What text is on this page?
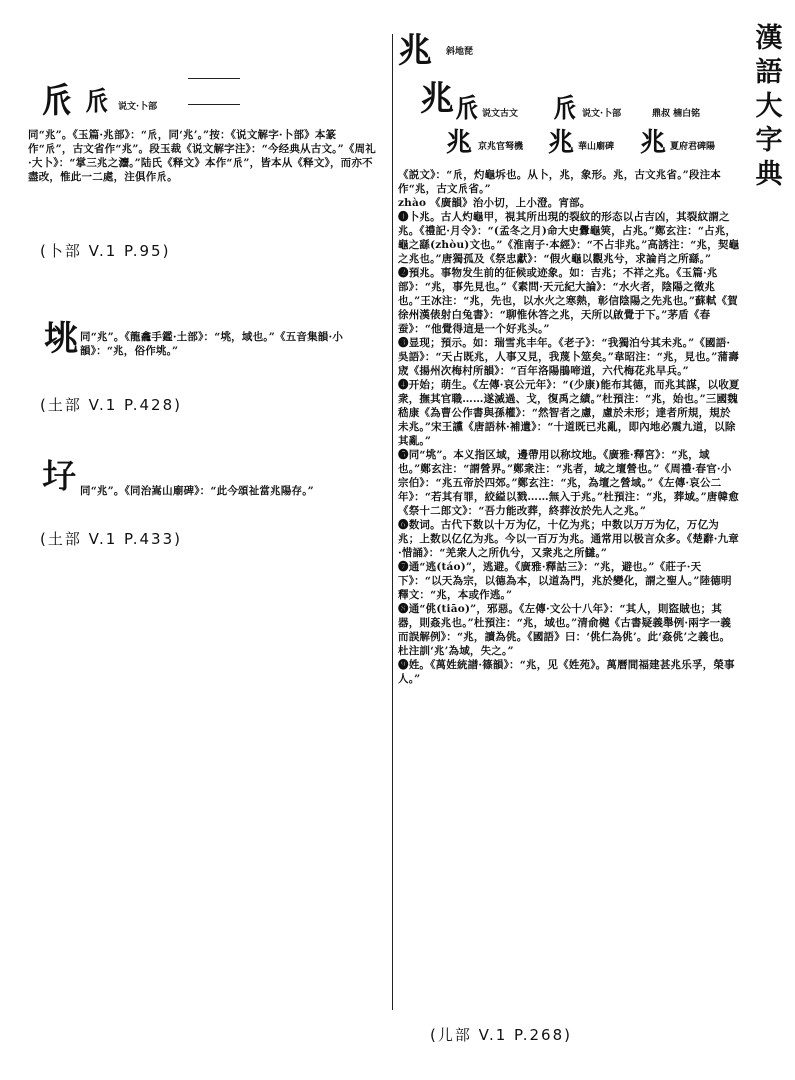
𠂢 𠂢 说文·卜部

同“兆”。《玉篇·兆部》：“𠂢，同‘兆’。”按：《说文解字·卜部》本篆作“𠂢”，古文省作“兆”。段玉裁《说文解字注》：“今经典从古文。”《周礼·大卜》：“掌三兆之灋。”陆氏《释文》本作“𠂢”，皆本从《释文》，而亦不盡改，惟此一二處，注俱作𠂢。

(卜部 V.1 P.95)
垗 同“兆”。《龍龕手鑑·土部》：“垗，域也。”《五音集韻·小韻》：“兆，俗作垗。”

(土部 V.1 P.428)
𡉗 同“兆”。《同治嵩山廟碑》：“此今頌祉當兆陽存。”

(土部 V.1 P.433)
兆 斜地琵
兆 𠂢 说文古文 𠂢 说文·卜部	鼎叔 楠白铭
兆 京兆官弩機 兆 華山廟碑 兆 夏府君碑陽

《説文》：“𠂢，灼龜坼也。从卜，兆，象形。兆，古文兆省。”段注本作“兆，古文𠂢省。”

zhào 《廣韻》治小切，上小澄。宵部。

❶卜兆。古人灼龜甲，視其所出現的裂紋的形态以占吉凶，其裂紋謂之兆。《禮記·月令》：“(孟冬之月)命大史釁龜筴，占兆。”鄭玄注：“占兆，龜之繇(zhòu)文也。”《淮南子·本經》：“不占非兆。”高誘注：“兆，契龜之兆也。”唐獨孤及《祭忠獻》：“假火龜以觀兆兮，求論肖之所繇。”

❷預兆。事物发生前的征候或迹象。如：吉兆；不祥之兆。《玉篇·兆部》：“兆，事先見也。”《素問·天元紀大論》：“水火者，陰陽之徵兆也。”王冰注：“兆，先也，以水火之寒熱，彰信陰陽之先兆也。”蘇軾《賀徐州漢俵射白兔書》：“聊惟休答之兆，天所以啟覺于下。”茅盾《春蚕》：“他覺得這是一个好兆头。”

❸显现；預示。如：瑞雪兆丰年。《老子》：“我獨泊兮其未兆。”《國語·吳語》：“天占既兆，人事又見，我蔑卜筮矣。”韋昭注：“兆，見也。”蒲壽宬《揚州次梅村所韻》：“百年洛陽鵑啼道，六代梅花兆早兵。”

❹开始；萌生。《左傳·哀公元年》：“(少康)能布其德，而兆其謀，以收夏衆，撫其官職……遂滅過、戈，復禹之績。”杜預注：“兆，始也。”三國魏嵇康《為曹公作書與孫權》：“然智者之慮，慮於未形；達者所規，規於未兆。”宋王讜《唐語林·補遺》：“十道既已兆亂，即內地必震九道，以除其亂。”

❺同“垗”。本义指区域，邊帶用以称坟地。《廣雅·釋宮》：“兆，域也。”鄭玄注：“謂營界。”鄭衆注：“兆者，域之壇營也。”《周禮·春官·小宗伯》：“兆五帝於四郊。”鄭玄注：“兆，為壇之營域。”《左傳·哀公二年》：“若其有罪，絞縊以戮……無入于兆。”杜預注：“兆，葬域。”唐韓愈《祭十二郎文》：“吾力能改葬，終葬汝於先人之兆。”

❻数词。古代下数以十万为亿，十亿为兆；中数以万万为亿，万亿为兆；上数以亿亿为兆。今以一百万为兆。通常用以极言众多。《楚辭·九章·惜誦》：“羌衆人之所仇兮，又衆兆之所讎。”

❼通“逃(táo)”，逃避。《廣雅·釋詁三》：“兆，避也。”《莊子·天下》：“以天為宗，以德為本，以道為門，兆於變化，謂之聖人。”陸德明釋文：“兆，本或作逃。”

❽通“佻(tiāo)”，邪惡。《左傳·文公十八年》：“其人，則盜賊也；其器，則姦兆也。”杜預注：“兆，域也。”清俞樾《古書疑義舉例·兩字一義而誤解例》：“兆，讀為佻。《國語》曰：‘佻仁為佻’。此‘姦佻’之義也。杜注訓‘兆’為域，失之。”

❾姓。《萬姓統譜·篠韻》：“兆，见《姓苑》。萬曆間福建甚兆乐孚，榮事人。”

(儿部 V.1 P.268)
漢
語
大
字
典
